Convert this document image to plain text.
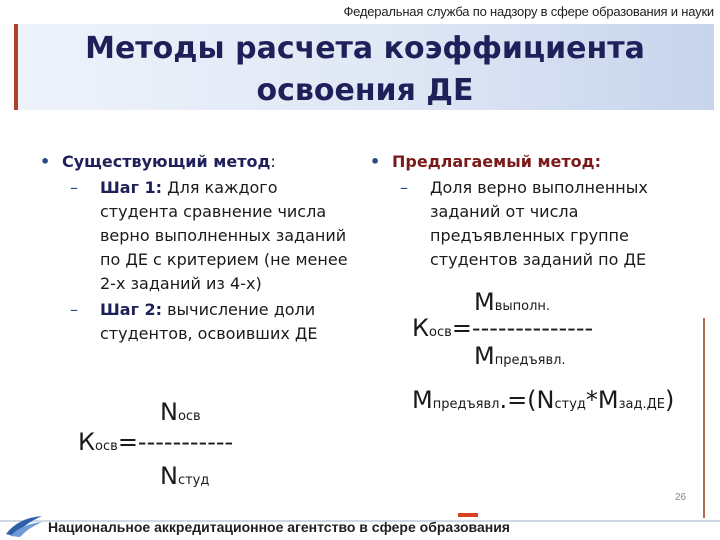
Федеральная служба по надзору в сфере образования и науки
Методы расчета коэффициента
освоения ДЕ
• Существующий метод:
–	Шаг 1: Для каждого студента сравнение числа верно выполненных заданий по ДЕ с критерием (не менее 2-х заданий из 4-х)
–	Шаг 2: вычисление доли студентов, освоивших ДЕ
Nосв
Косв=-----------
Nстуд
• Предлагаемый метод:
–	Доля верно выполненных заданий от числа предъявленных группе студентов заданий по ДЕ
Mвыполн.
Косв=--------------
Mпредъявл.
Mпредъявл.=(Nстуд*Mзад.ДЕ)
26
Национальное аккредитационное агентство в сфере образования
